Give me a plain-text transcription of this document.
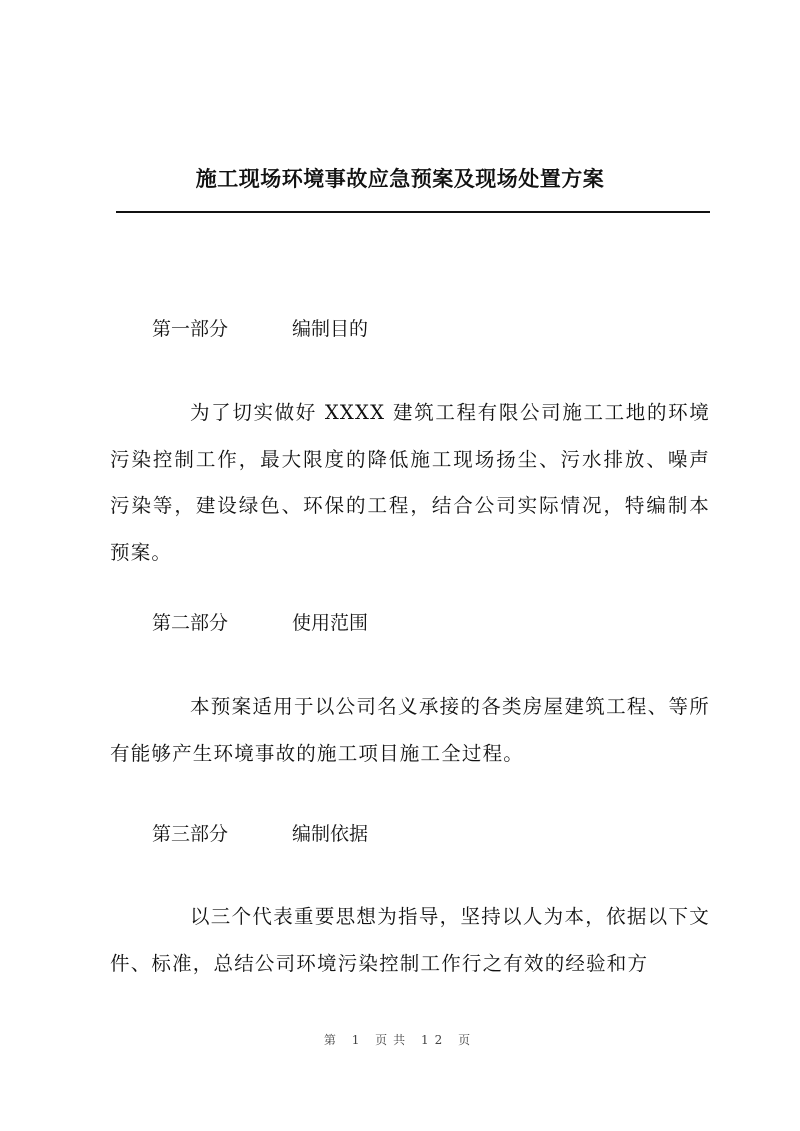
施工现场环境事故应急预案及现场处置方案
第一部分	编制目的
为了切实做好 XXXX 建筑工程有限公司施工工地的环境污染控制工作，最大限度的降低施工现场扬尘、污水排放、噪声污染等，建设绿色、环保的工程，结合公司实际情况，特编制本预案。
第二部分	使用范围
本预案适用于以公司名义承接的各类房屋建筑工程、等所有能够产生环境事故的施工项目施工全过程。
第三部分	编制依据
以三个代表重要思想为指导，坚持以人为本，依据以下文件、标准，总结公司环境污染控制工作行之有效的经验和方
第 1 页共 12 页
